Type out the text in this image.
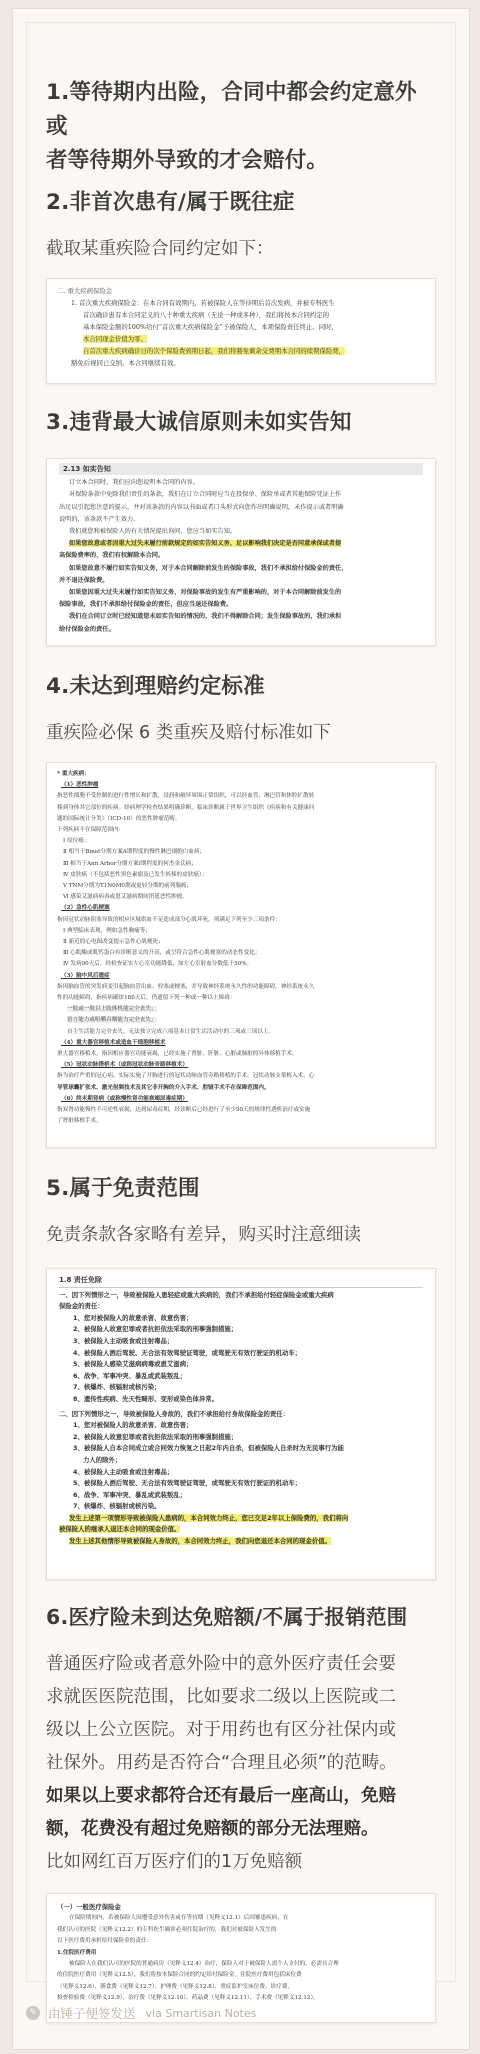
1.等待期内出险，合同中都会约定意外或

者等待期外导致的才会赔付。

2.非首次患有/属于既往症

截取某重疾险合同约定如下：

二. 重大疾病保险金
1. 首次重大疾病保险金：在本合同有效期内，若被保险人在等待期后首次发病，并被专科医生
首次确诊患有本合同定义的八十种重大疾病（无论一种或多种），我们将按本合同约定的
基本保险金额的100%给付“首次重大疾病保险金”予被保险人，本项保险责任终止。同时，
本合同现金价值为零。
自首次重大疾病确诊日的次个保险费到期日起，我们将豁免剩余交费期本合同的续期保险费，
豁免后视同已交纳，本合同继续有效。

3.违背最大诚信原则未如实告知

2.13 如实告知
订立本合同时，我们应向您说明本合同的内容。
对保险条款中免除我们责任的条款，我们在订立合同时应当在投保单、保险单或者其他保险凭证上作
出足以引起您注意的提示，并对该条款的内容以书面或者口头形式向您作出明确说明，未作提示或者明确
说明的，该条款不产生效力。
我们就您和被保险人的有关情况提出询问，您应当如实告知。
如果您故意或者因重大过失未履行前款规定的如实告知义务，足以影响我们决定是否同意承保或者提
高保险费率的，我们有权解除本合同。
如果您故意不履行如实告知义务，对于本合同解除前发生的保险事故，我们不承担给付保险金的责任，
并不退还保险费。
如果您因重大过失未履行如实告知义务，对保险事故的发生有严重影响的，对于本合同解除前发生的
保险事故，我们不承担给付保险金的责任，但应当退还保险费。
我们在合同订立时已经知道您未如实告知的情况的，我们不得解除合同；发生保险事故的，我们承担
给付保险金的责任。

4.未达到理赔约定标准

重疾险必保 6 类重疾及赔付标准如下

* 重大疾病：
（1）恶性肿瘤
指恶性细胞不受控制的进行性增长和扩散，浸润和破坏周围正常组织，可以经血管、淋巴管和体腔扩散转
移到身体其它部位的疾病。经病理学检查结果明确诊断，临床诊断属于世界卫生组织《疾病和有关健康问
题的国际统计分类》（ICD-10）的恶性肿瘤范畴。
下列疾病不在保障范围内：
Ⅰ 原位癌；
Ⅱ 相当于Binet分期方案A期程度的慢性淋巴细胞白血病；
Ⅲ 相当于Ann Arbor分期方案Ⅰ期程度的何杰金氏病；
Ⅳ 皮肤癌（不包括恶性黑色素瘤及已发生转移的皮肤癌）；
Ⅴ TNM分期为T1N0M0期或更轻分期的前列腺癌；
Ⅵ 感染艾滋病病毒或患艾滋病期间所患恶性肿瘤。
（2）急性心肌梗塞
指因冠状动脉阻塞导致的相应区域供血不足造成部分心肌坏死，须满足下列至少三项条件：
Ⅰ 典型临床表现，例如急性胸痛等；
Ⅱ 新近的心电图改变提示急性心肌梗死；
Ⅲ 心肌酶或肌钙蛋白有诊断意义的升高，或呈符合急性心肌梗塞的动态性变化；
Ⅳ 发病90天后，经检查证实左心室功能降低，如左心室射血分数低于50%。
（3）脑中风后遗症
指因脑血管的突发病变引起脑血管出血、栓塞或梗塞，并导致神经系统永久性的功能障碍。神经系统永久
性的功能障碍，指疾病确诊180天后，仍遗留下列一种或一种以上障碍：
一肢或一肢以上肢体机能完全丧失；
语言能力或咀嚼吞咽能力完全丧失；
自主生活能力完全丧失，无法独立完成六项基本日常生活活动中的三项或三项以上。
（4）重大器官移植术或造血干细胞移植术
重大器官移植术，指因相应器官功能衰竭，已经实施了肾脏、肝脏、心脏或肺脏的异体移植手术。
（5）冠状动脉搭桥术（或称冠状动脉旁路移植术）
指为治疗严重的冠心病，实际实施了开胸进行的冠状动脉血管旁路移植的手术。冠状动脉支架植入术、心
导管球囊扩张术、激光射频技术及其它非开胸的介入手术、腔镜手术不在保障范围内。
（6）终末期肾病（或称慢性肾功能衰竭尿毒症期）
指双肾功能慢性不可逆性衰竭，达到尿毒症期，经诊断后已经进行了至少90天的规律性透析治疗或实施
了肾脏移植手术。

5.属于免责范围

免责条款各家略有差异，购买时注意细读

1.8 责任免除
一、因下列情形之一，导致被保险人患轻症或重大疾病的，我们不承担给付轻症保险金或重大疾病
保险金的责任：
1、您对被保险人的故意杀害、故意伤害；
2、被保险人故意犯罪或者抗拒依法采取的刑事强制措施；
3、被保险人主动吸食或注射毒品；
4、被保险人酒后驾驶、无合法有效驾驶证驾驶，或驾驶无有效行驶证的机动车；
5、被保险人感染艾滋病病毒或患艾滋病；
6、战争、军事冲突、暴乱或武装叛乱；
7、核爆炸、核辐射或核污染；
8、遗传性疾病、先天性畸形、变形或染色体异常。
二、因下列情形之一，导致被保险人身故的，我们不承担给付身故保险金的责任：
1、您对被保险人的故意杀害、故意伤害；
2、被保险人故意犯罪或者抗拒依法采取的刑事强制措施；
3、被保险人自本合同成立或合同效力恢复之日起2年内自杀，但被保险人自杀时为无民事行为能
力人的除外；
4、被保险人主动吸食或注射毒品；
5、被保险人酒后驾驶、无合法有效驾驶证驾驶，或驾驶无有效行驶证的机动车；
6、战争、军事冲突、暴乱或武装叛乱；
7、核爆炸、核辐射或核污染。
发生上述第一项情形导致被保险人患病的，本合同效力终止，您已交足2年以上保险费的，我们将向
被保险人的继承人退还本合同的现金价值。
发生上述其他情形导致被保险人身故的，本合同效力终止，我们向您退还本合同的现金价值。

6.医疗险未到达免赔额/不属于报销范围

普通医疗险或者意外险中的意外医疗责任会要

求就医医院范围，比如要求二级以上医院或二

级以上公立医院。对于用药也有区分社保内或

社保外。用药是否符合“合理且必须”的范畴。

如果以上要求都符合还有最后一座高山，免赔

额，花费没有超过免赔额的部分无法理赔。

比如网红百万医疗们的1万免赔额

（一）一般医疗保险金
在保险期间内，若被保险人因遭受意外伤害或在等待期（见释义12.1）后因罹患疾病，在
我们认可的医院（见释义12.2）的专科医生确诊必须住院治疗的，我们对被保险人发生的
以下医疗费用承担给付保险金的责任：
1.住院医疗费用
被保险人在我们认可的医院的普通病房（见释义12.4）治疗，保险人对于被保险人需个人支付的、必需且合理
的住院医疗费用（见释义12.5），我们将按本保险合同的约定给付保险金。住院医疗费用包括床位费
（见释义12.6）、膳食费（见释义12.7）、护理费（见释义12.8）、重症监护室床位费、诊疗费、
检查检验费（见释义12.9）、治疗费（见释义12.10）、药品费（见释义12.11）、手术费（见释义12.12）。
✎ 由锤子便签发送 via Smartisan Notes
